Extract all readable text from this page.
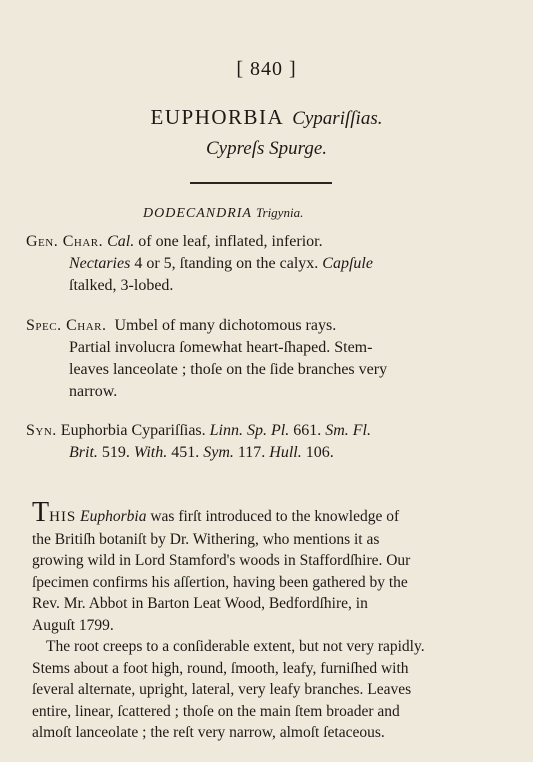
[ 840 ]
EUPHORBIA Cypariſſias.
Cypreſs Spurge.
DODECANDRIA Trigynia.
Gen. Char. Cal. of one leaf, inflated, inferior.
Nectaries 4 or 5, ſtanding on the calyx. Capſule
ſtalked, 3-lobed.
Spec. Char. Umbel of many dichotomous rays.
Partial involucra ſomewhat heart-ſhaped. Stem-
leaves lanceolate ; thoſe on the ſide branches very
narrow.
Syn. Euphorbia Cypariſſias. Linn. Sp. Pl. 661. Sm. Fl.
Brit. 519. With. 451. Sym. 117. Hull. 106.
THIS Euphorbia was firſt introduced to the knowledge of
the Britiſh botaniſt by Dr. Withering, who mentions it as
growing wild in Lord Stamford's woods in Staffordſhire. Our
ſpecimen confirms his aſſertion, having been gathered by the
Rev. Mr. Abbot in Barton Leat Wood, Bedfordſhire, in
Auguſt 1799.
The root creeps to a conſiderable extent, but not very rapidly.
Stems about a foot high, round, ſmooth, leafy, furniſhed with
ſeveral alternate, upright, lateral, very leafy branches. Leaves
entire, linear, ſcattered ; thoſe on the main ſtem broader and
almoſt lanceolate ; the reſt very narrow, almoſt ſetaceous.
